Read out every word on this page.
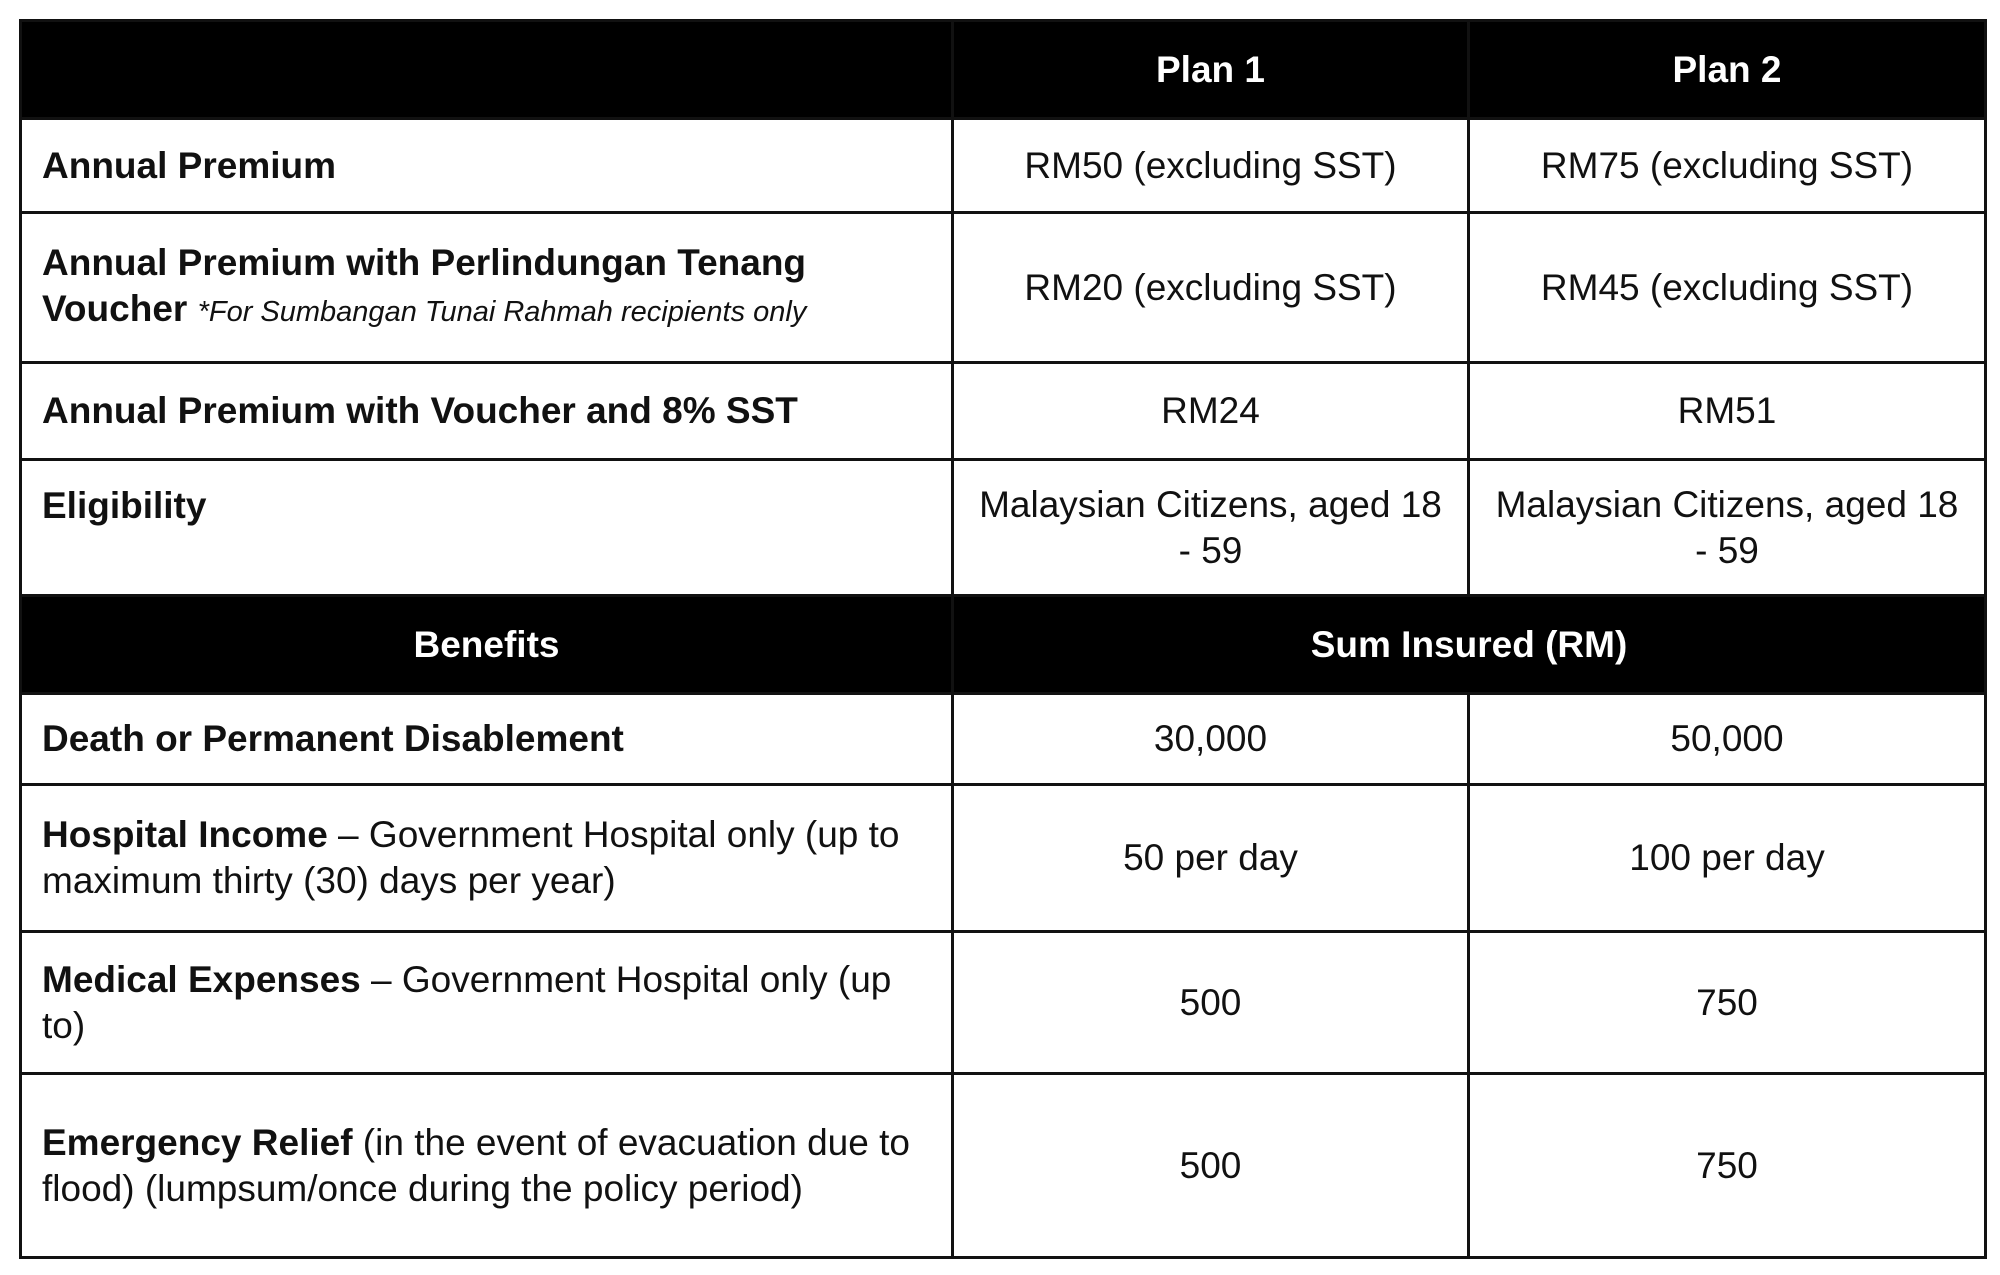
	Plan 1	Plan 2
Annual Premium	RM50 (excluding SST)	RM75 (excluding SST)
Annual Premium with Perlindungan Tenang Voucher *For Sumbangan Tunai Rahmah recipients only	RM20 (excluding SST)	RM45 (excluding SST)
Annual Premium with Voucher and 8% SST	RM24	RM51
Eligibility	Malaysian Citizens, aged 18 - 59	Malaysian Citizens, aged 18 - 59
Benefits	Sum Insured (RM)	
Death or Permanent Disablement	30,000	50,000
Hospital Income – Government Hospital only (up to maximum thirty (30) days per year)	50 per day	100 per day
Medical Expenses – Government Hospital only (up to)	500	750
Emergency Relief (in the event of evacuation due to flood) (lumpsum/once during the policy period)	500	750
